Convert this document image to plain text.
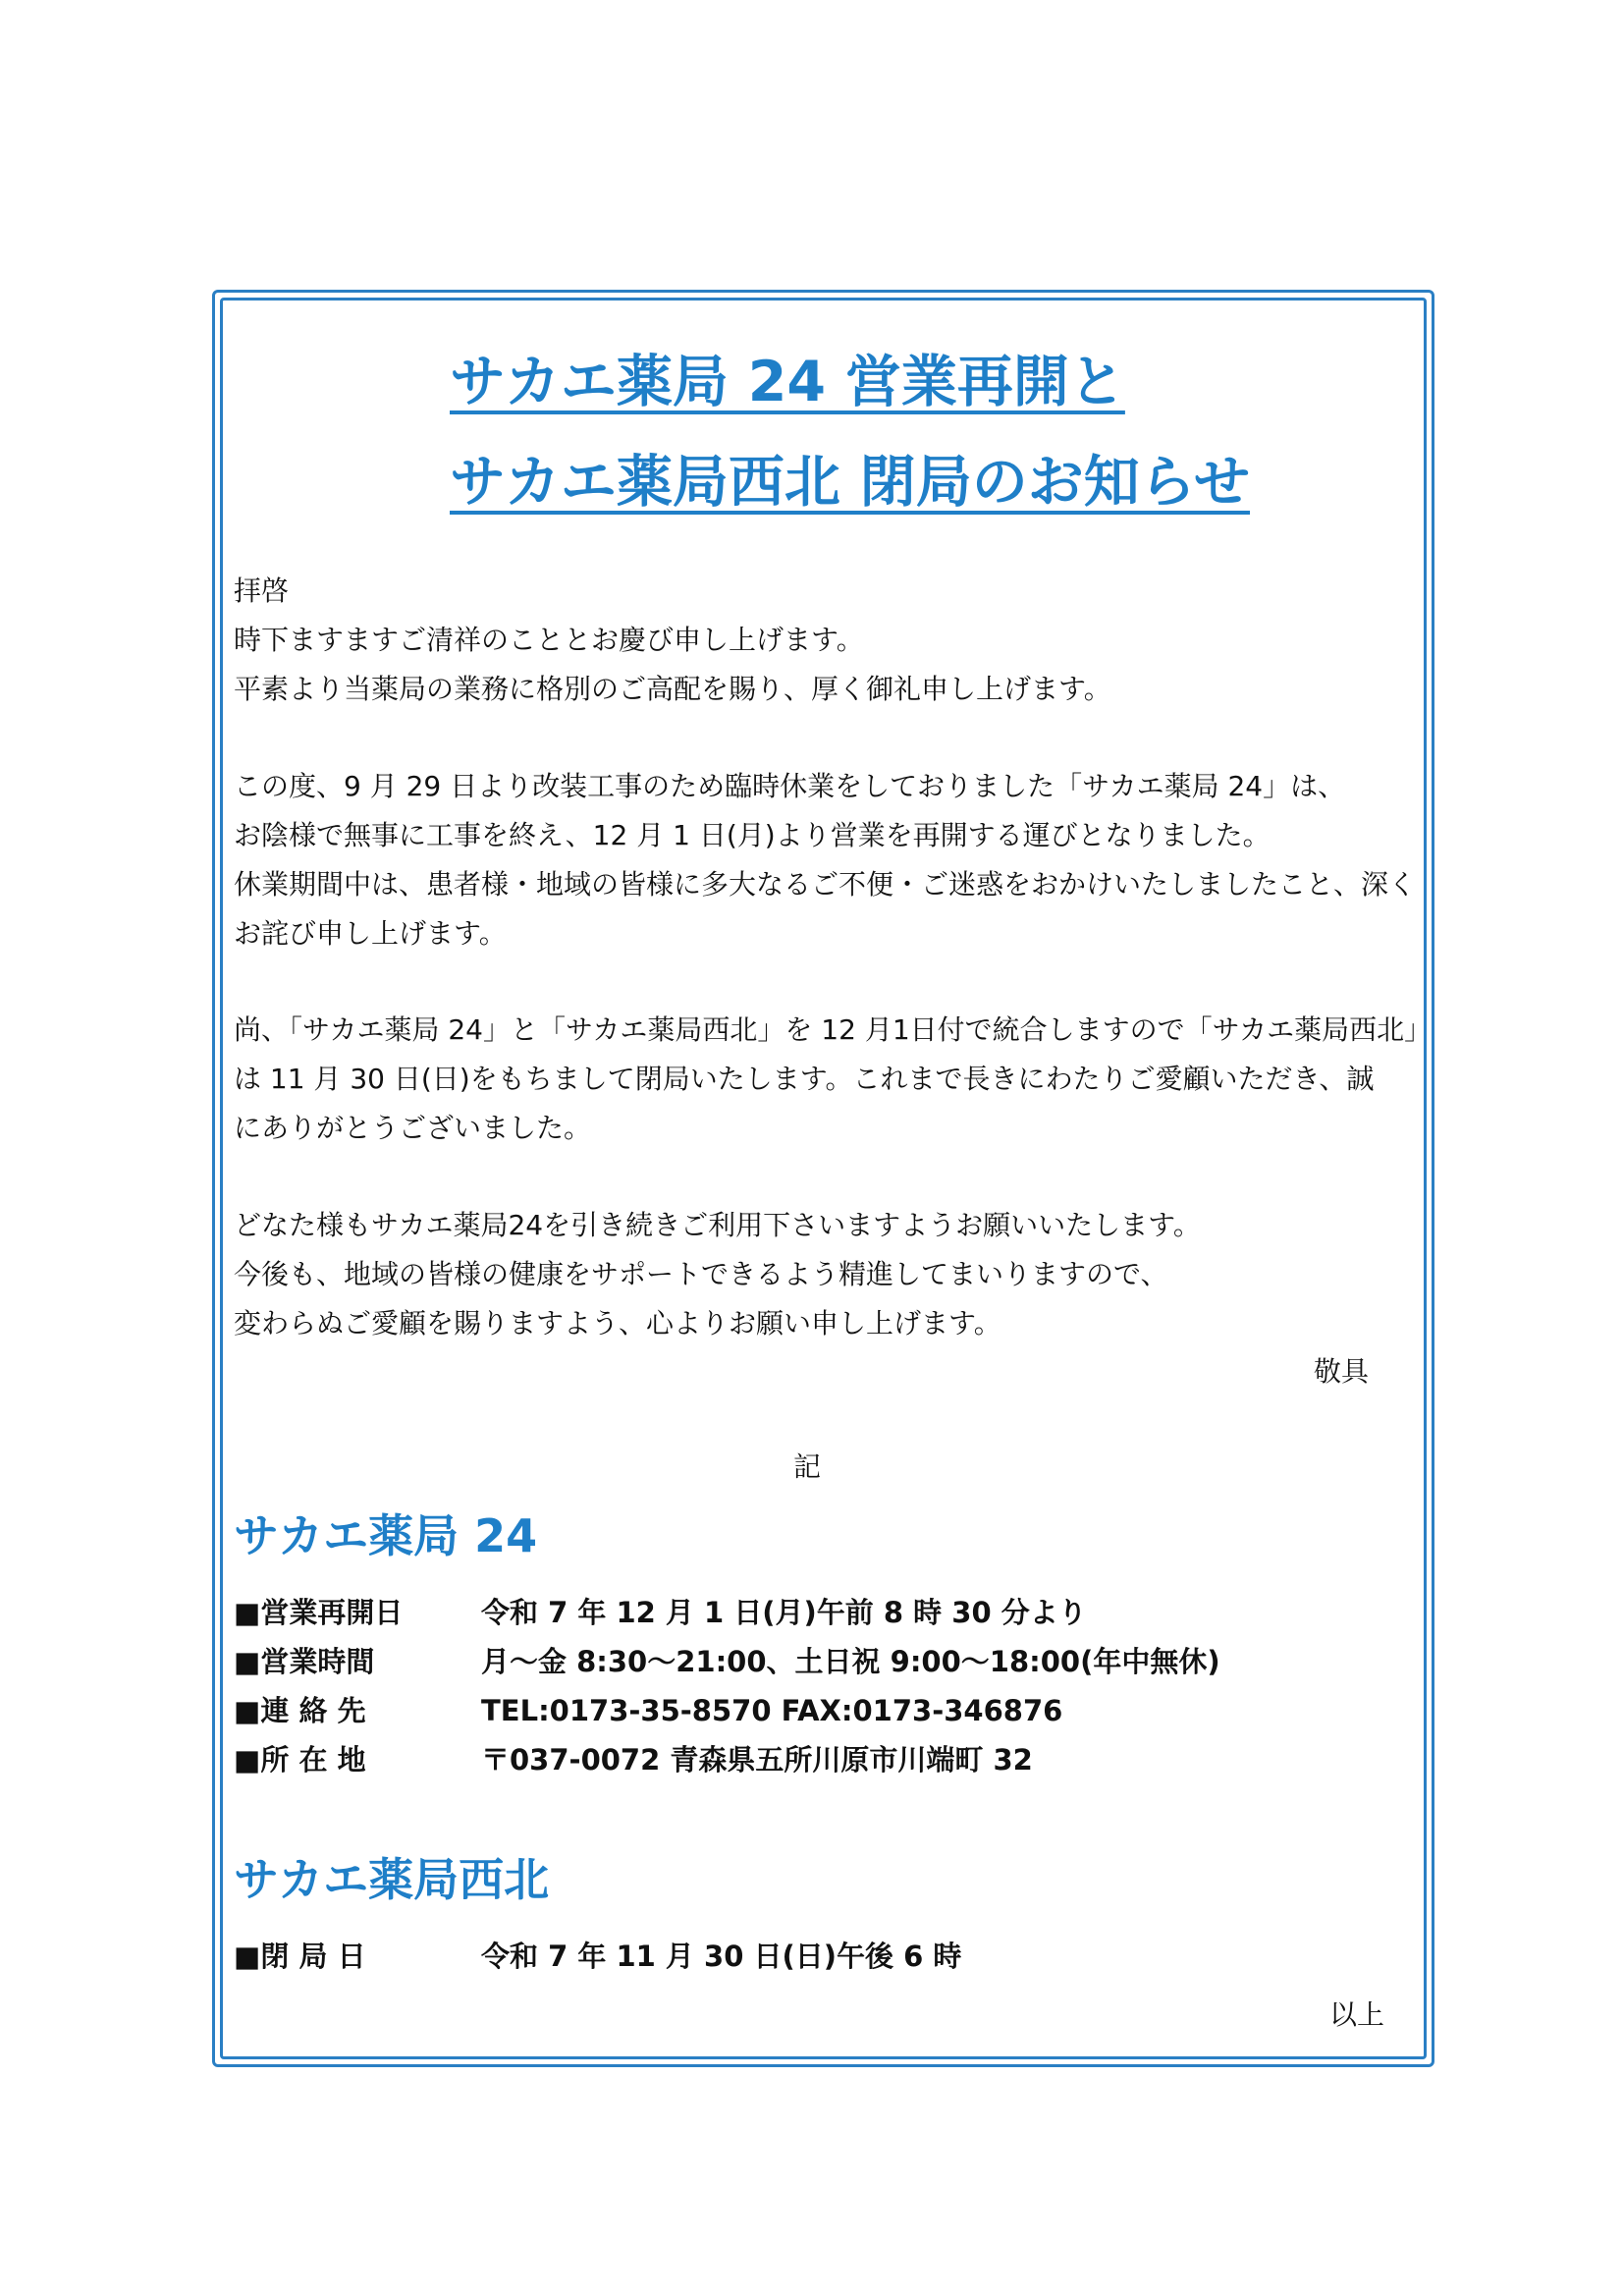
サカエ薬局 24 営業再開と
サカエ薬局西北 閉局のお知らせ
拝啓
時下ますますご清祥のこととお慶び申し上げます。
平素より当薬局の業務に格別のご高配を賜り、厚く御礼申し上げます。
この度、9 月 29 日より改装工事のため臨時休業をしておりました「サカエ薬局 24」は、
お陰様で無事に工事を終え、12 月 1 日(月)より営業を再開する運びとなりました。
休業期間中は、患者様・地域の皆様に多大なるご不便・ご迷惑をおかけいたしましたこと、深く
お詫び申し上げます。
尚、「サカエ薬局 24」と「サカエ薬局西北」を 12 月1日付で統合しますので「サカエ薬局西北」
は 11 月 30 日(日)をもちまして閉局いたします。これまで長きにわたりご愛顧いただき、誠
にありがとうございました。
どなた様もサカエ薬局24を引き続きご利用下さいますようお願いいたします。
今後も、地域の皆様の健康をサポートできるよう精進してまいりますので、
変わらぬご愛顧を賜りますよう、心よりお願い申し上げます。
敬具
記
サカエ薬局 24
■営業再開日	令和 7 年 12 月 1 日(月)午前 8 時 30 分より
■営業時間	月～金 8:30～21:00、土日祝 9:00～18:00(年中無休)
■連 絡 先	TEL:0173-35-8570 FAX:0173-346876
■所 在 地	〒037-0072 青森県五所川原市川端町 32
サカエ薬局西北
■閉 局 日	令和 7 年 11 月 30 日(日)午後 6 時
以上
